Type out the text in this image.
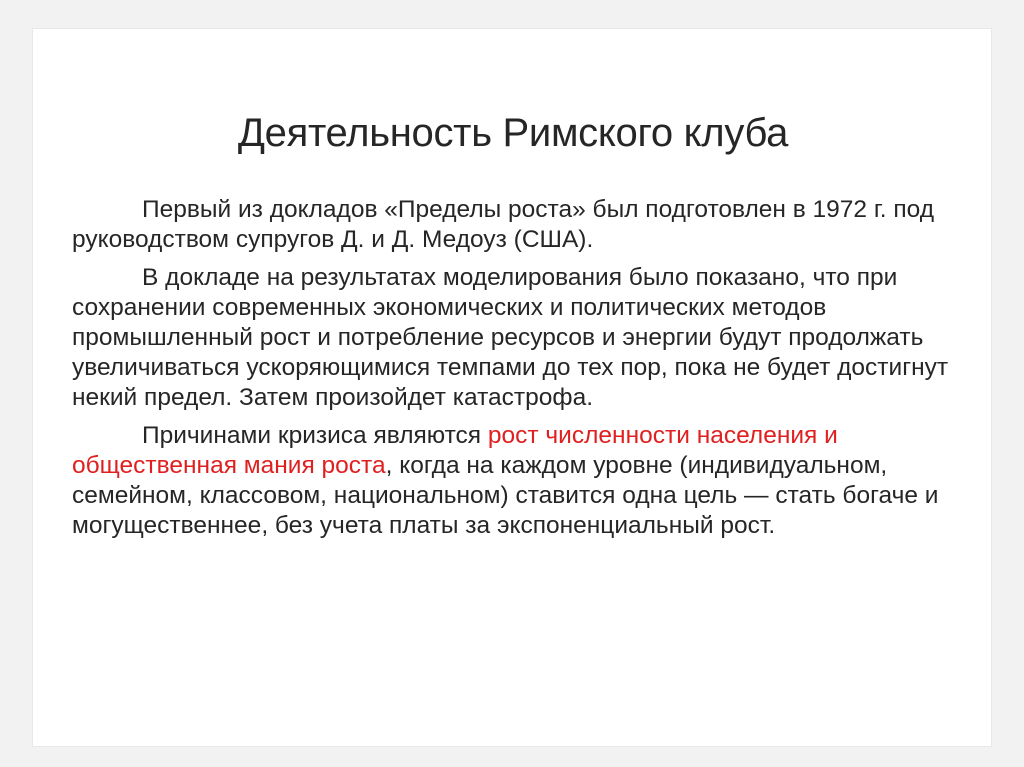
Деятельность Римского клуба

Первый из докладов «Пределы роста» был подготовлен в 1972 г. под руководством супругов Д. и Д. Медоуз (США).

В докладе на результатах моделирования было показано, что при сохранении современных экономических и политических методов промышленный рост и потребление ресурсов и энергии будут продолжать увеличиваться ускоряющимися темпами до тех пор, пока не будет достигнут некий предел. Затем произойдет катастрофа.

Причинами кризиса являются рост численности населения и общественная мания роста, когда на каждом уровне (индивидуальном, семейном, классовом, национальном) ставится одна цель — стать богаче и могущественнее, без учета платы за экспоненциальный рост.
